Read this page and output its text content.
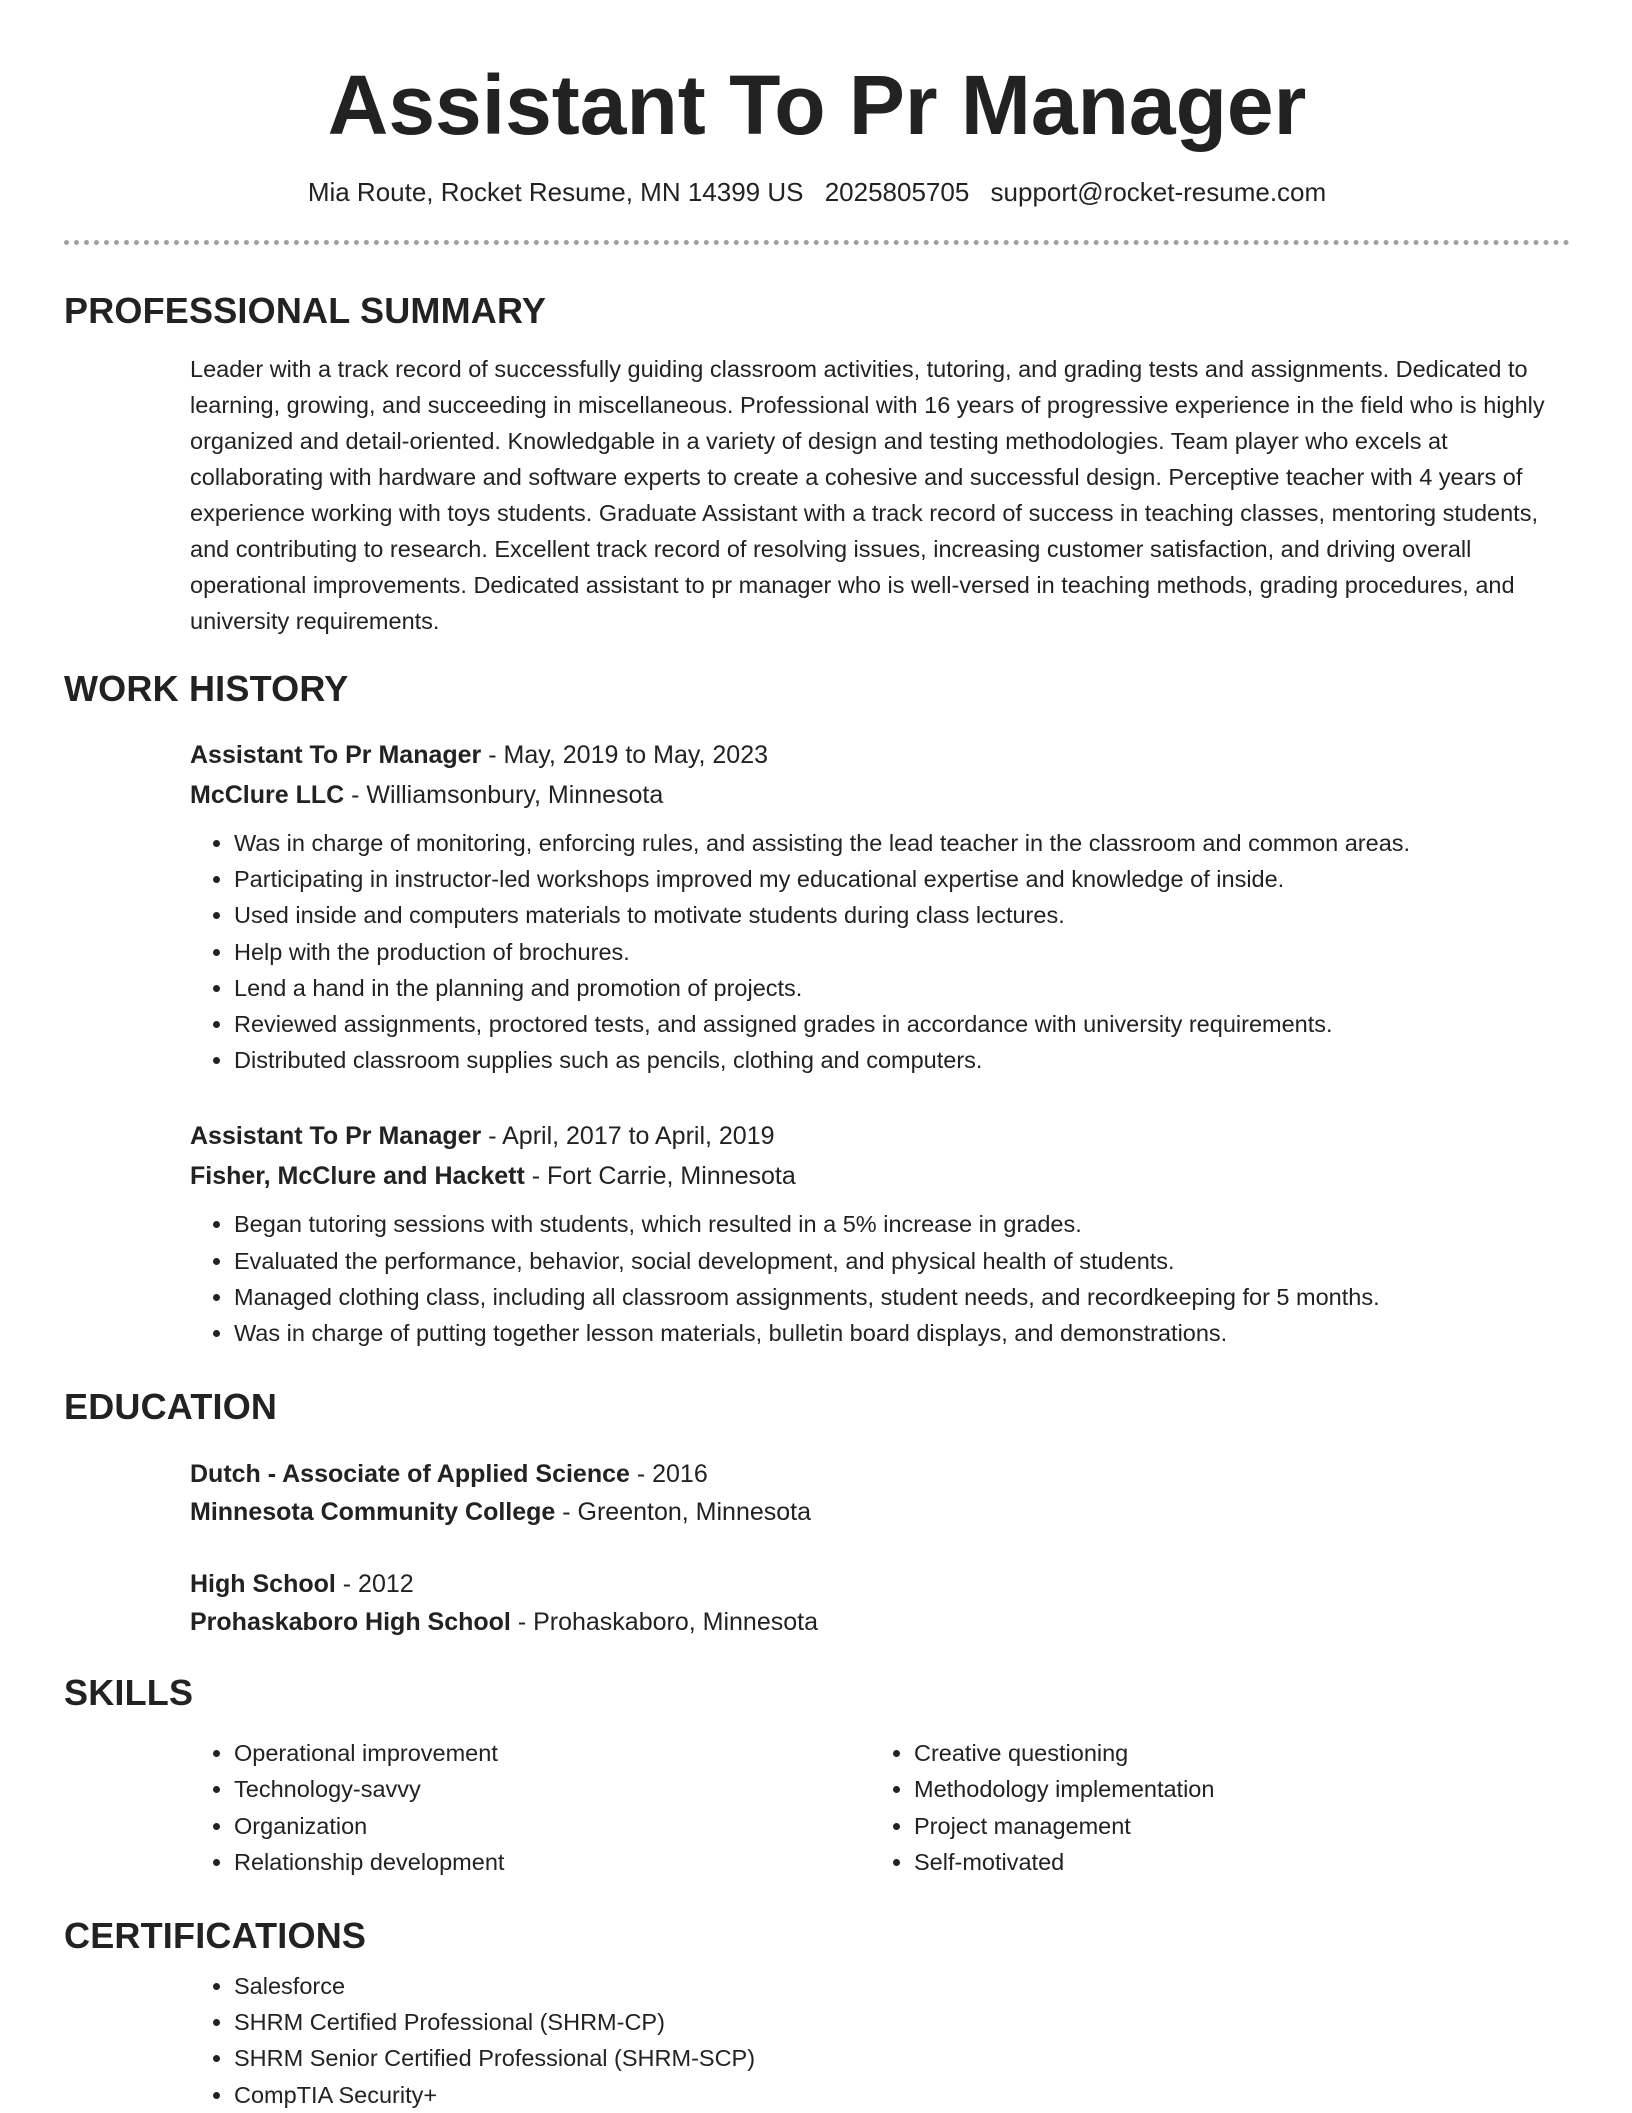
Assistant To Pr Manager
Mia Route, Rocket Resume, MN 14399 US 2025805705 support@rocket-resume.com
PROFESSIONAL SUMMARY

Leader with a track record of successfully guiding classroom activities, tutoring, and grading tests and assignments. Dedicated to learning, growing, and succeeding in miscellaneous. Professional with 16 years of progressive experience in the field who is highly organized and detail-oriented. Knowledgable in a variety of design and testing methodologies. Team player who excels at collaborating with hardware and software experts to create a cohesive and successful design. Perceptive teacher with 4 years of experience working with toys students. Graduate Assistant with a track record of success in teaching classes, mentoring students, and contributing to research. Excellent track record of resolving issues, increasing customer satisfaction, and driving overall operational improvements. Dedicated assistant to pr manager who is well-versed in teaching methods, grading procedures, and university requirements.

WORK HISTORY
Assistant To Pr Manager - May, 2019 to May, 2023
McClure LLC - Williamsonbury, Minnesota
• Was in charge of monitoring, enforcing rules, and assisting the lead teacher in the classroom and common areas.
• Participating in instructor-led workshops improved my educational expertise and knowledge of inside.
• Used inside and computers materials to motivate students during class lectures.
• Help with the production of brochures.
• Lend a hand in the planning and promotion of projects.
• Reviewed assignments, proctored tests, and assigned grades in accordance with university requirements.
• Distributed classroom supplies such as pencils, clothing and computers.
Assistant To Pr Manager - April, 2017 to April, 2019
Fisher, McClure and Hackett - Fort Carrie, Minnesota
• Began tutoring sessions with students, which resulted in a 5% increase in grades.
• Evaluated the performance, behavior, social development, and physical health of students.
• Managed clothing class, including all classroom assignments, student needs, and recordkeeping for 5 months.
• Was in charge of putting together lesson materials, bulletin board displays, and demonstrations.
EDUCATION
Dutch - Associate of Applied Science - 2016
Minnesota Community College - Greenton, Minnesota
High School - 2012
Prohaskaboro High School - Prohaskaboro, Minnesota
SKILLS
• Operational improvement
• Technology-savvy
• Organization
• Relationship development
• Creative questioning
• Methodology implementation
• Project management
• Self-motivated
CERTIFICATIONS
• Salesforce
• SHRM Certified Professional (SHRM-CP)
• SHRM Senior Certified Professional (SHRM-SCP)
• CompTIA Security+
